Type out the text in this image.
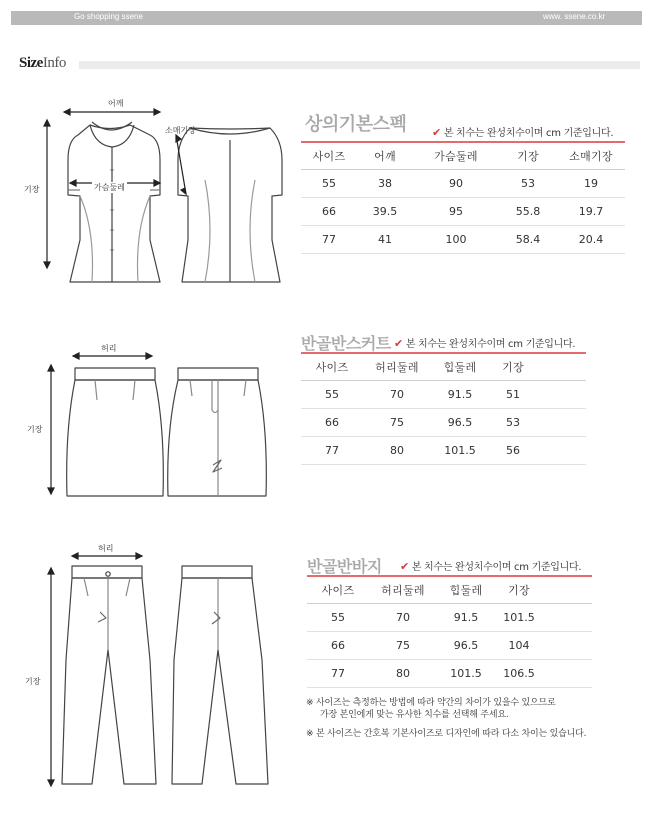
Go shopping ssene	www. ssene.co.kr
SizeInfo
어깨
소매기장
가슴둘레
기장
상의기본스펙 ✔ 본 치수는 완성치수이며 cm 기준입니다.
사이즈	어깨	가슴둘레	기장	소매기장
55	38	90	53	19
66	39.5	95	55.8	19.7
77	41	100	58.4	20.4
허리
기장
반골반스커트 ✔ 본 치수는 완성치수이며 cm 기준입니다.
사이즈	허리둘레	힙둘레	기장	
55	70	91.5	51	
66	75	96.5	53	
77	80	101.5	56	
허리
기장
반골반바지 ✔ 본 치수는 완성치수이며 cm 기준입니다.
사이즈	허리둘레	힙둘레	기장	
55	70	91.5	101.5	
66	75	96.5	104	
77	80	101.5	106.5	
※ 사이즈는 측정하는 방법에 따라 약간의 차이가 있을수 있으므로
가장 본인에게 맞는 유사한 치수를 선택해 주세요.
※ 본 사이즈는 간호복 기본사이즈로 디자인에 따라 다소 차이는 있습니다.
